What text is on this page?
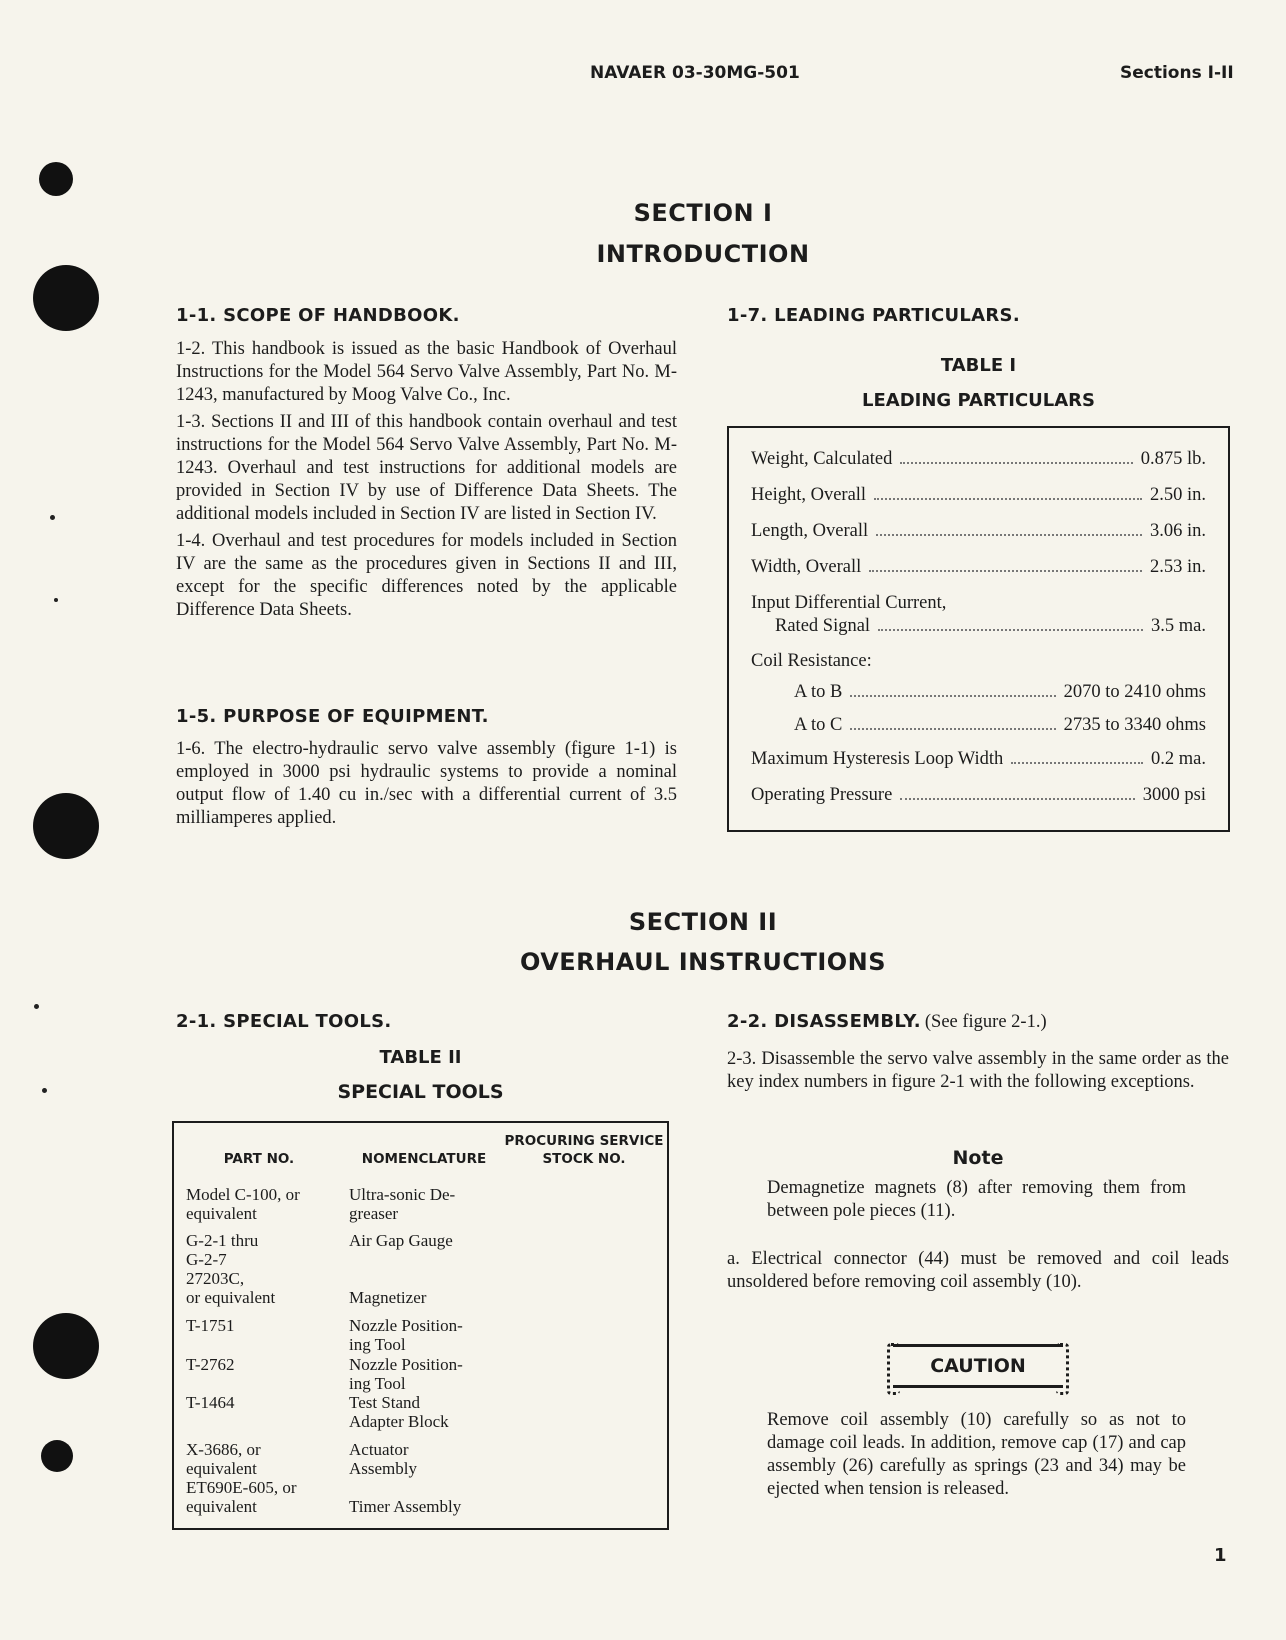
NAVAER 03-30MG-501	Sections I-II
SECTION I
INTRODUCTION
1-1. SCOPE OF HANDBOOK.

1-2. This handbook is issued as the basic Handbook of Overhaul Instructions for the Model 564 Servo Valve Assembly, Part No. M-1243, manufactured by Moog Valve Co., Inc.

1-3. Sections II and III of this handbook contain overhaul and test instructions for the Model 564 Servo Valve Assembly, Part No. M-1243. Overhaul and test instructions for additional models are provided in Section IV by use of Difference Data Sheets. The additional models included in Section IV are listed in Section IV.

1-4. Overhaul and test procedures for models included in Section IV are the same as the procedures given in Sections II and III, except for the specific differences noted by the applicable Difference Data Sheets.

1-5. PURPOSE OF EQUIPMENT.
1-6. The electro-hydraulic servo valve assembly (figure 1-1) is employed in 3000 psi hydraulic systems to provide a nominal output flow of 1.40 cu in./sec with a differential current of 3.5 milliamperes applied.
1-7. LEADING PARTICULARS.
TABLE I
LEADING PARTICULARS
Weight, Calculated	0.875 lb.
Height, Overall	2.50 in.
Length, Overall	3.06 in.
Width, Overall	2.53 in.
Input Differential Current,
Rated Signal	3.5 ma.
Coil Resistance:
A to B	2070 to 2410 ohms
A to C	2735 to 3340 ohms
Maximum Hysteresis Loop Width	0.2 ma.
Operating Pressure	3000 psi
SECTION II
OVERHAUL INSTRUCTIONS
2-1. SPECIAL TOOLS.
TABLE II
SPECIAL TOOLS
PART NO.	NOMENCLATURE
PROCURING SERVICE
STOCK NO.
Model C-100, or	Ultra-sonic De-
equivalent	greaser
G-2-1 thru	Air Gap Gauge
G-2-7
27203C,
or equivalent	Magnetizer
T-1751	Nozzle Position-
ing Tool
T-2762	Nozzle Position-
ing Tool
T-1464	Test Stand
Adapter Block
X-3686, or	Actuator
equivalent	Assembly
ET690E-605, or
equivalent	Timer Assembly
2-2. DISASSEMBLY. (See figure 2-1.)
2-3. Disassemble the servo valve assembly in the same order as the key index numbers in figure 2-1 with the following exceptions.
Note
Demagnetize magnets (8) after removing them from between pole pieces (11).
a. Electrical connector (44) must be removed and coil leads unsoldered before removing coil assembly (10).
CAUTION
Remove coil assembly (10) carefully so as not to damage coil leads. In addition, remove cap (17) and cap assembly (26) carefully as springs (23 and 34) may be ejected when tension is released.
1
